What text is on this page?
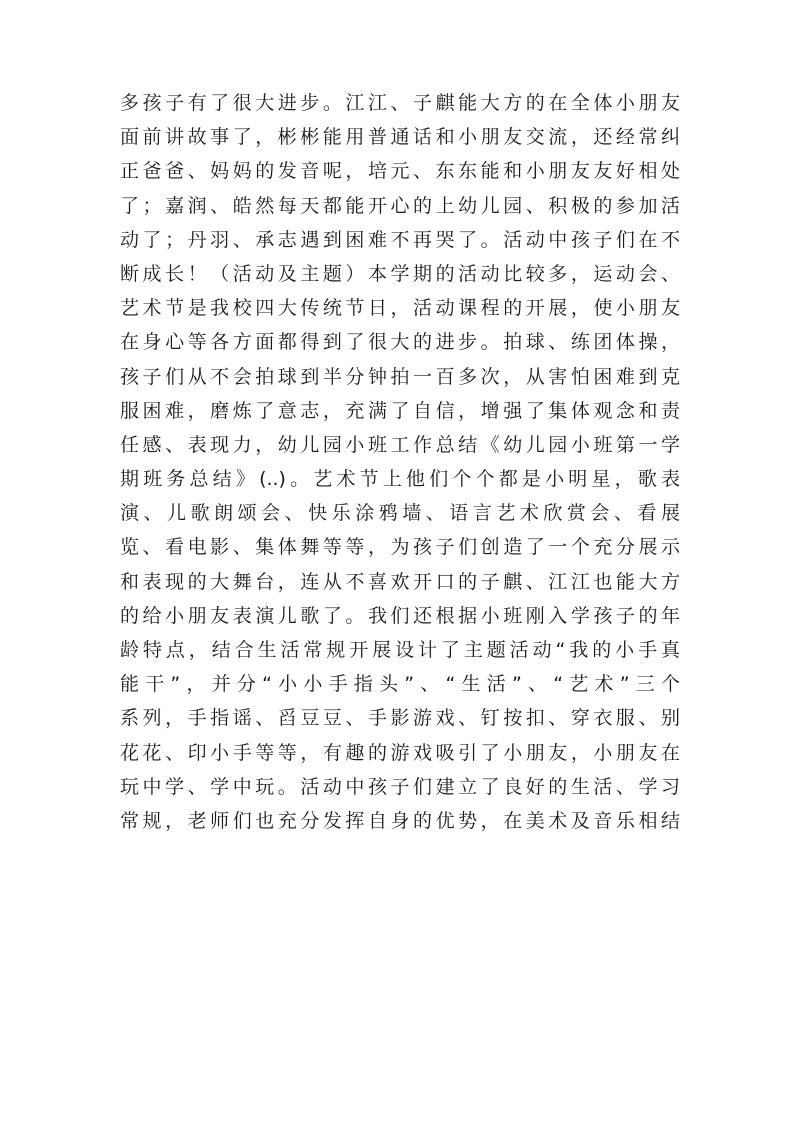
多孩子有了很大进步。江江、子麒能大方的在全体小朋友
面前讲故事了，彬彬能用普通话和小朋友交流，还经常纠
正爸爸、妈妈的发音呢，培元、东东能和小朋友友好相处
了；嘉润、皓然每天都能开心的上幼儿园、积极的参加活
动了；丹羽、承志遇到困难不再哭了。活动中孩子们在不
断成长！（活动及主题）本学期的活动比较多，运动会、
艺术节是我校四大传统节日，活动课程的开展，使小朋友
在身心等各方面都得到了很大的进步。拍球、练团体操，
孩子们从不会拍球到半分钟拍一百多次，从害怕困难到克
服困难，磨炼了意志，充满了自信，增强了集体观念和责
任感、表现力，幼儿园小班工作总结《幼儿园小班第一学
期班务总结》(..)。艺术节上他们个个都是小明星，歌表
演、儿歌朗颂会、快乐涂鸦墙、语言艺术欣赏会、看展
览、看电影、集体舞等等，为孩子们创造了一个充分展示
和表现的大舞台，连从不喜欢开口的子麒、江江也能大方
的给小朋友表演儿歌了。我们还根据小班刚入学孩子的年
龄特点，结合生活常规开展设计了主题活动“我的小手真
能干”，并分“小小手指头”、“生活”、“艺术”三个
系列，手指谣、舀豆豆、手影游戏、钉按扣、穿衣服、别
花花、印小手等等，有趣的游戏吸引了小朋友，小朋友在
玩中学、学中玩。活动中孩子们建立了良好的生活、学习
常规，老师们也充分发挥自身的优势，在美术及音乐相结
